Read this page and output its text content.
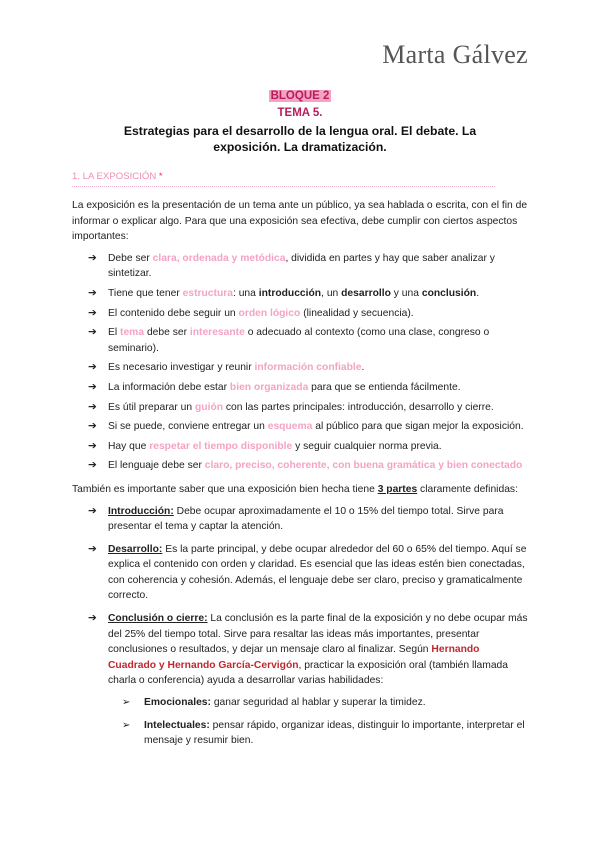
Marta Gálvez
BLOQUE 2
TEMA 5.
Estrategias para el desarrollo de la lengua oral. El debate. La exposición. La dramatización.
1. LA EXPOSICIÓN *

La exposición es la presentación de un tema ante un público, ya sea hablada o escrita, con el fin de informar o explicar algo. Para que una exposición sea efectiva, debe cumplir con ciertos aspectos importantes:

➔ Debe ser clara, ordenada y metódica, dividida en partes y hay que saber analizar y sintetizar.
➔ Tiene que tener estructura: una introducción, un desarrollo y una conclusión.
➔ El contenido debe seguir un orden lógico (linealidad y secuencia).
➔ El tema debe ser interesante o adecuado al contexto (como una clase, congreso o seminario).
➔ Es necesario investigar y reunir información confiable.
➔ La información debe estar bien organizada para que se entienda fácilmente.
➔ Es útil preparar un guión con las partes principales: introducción, desarrollo y cierre.
➔ Si se puede, conviene entregar un esquema al público para que sigan mejor la exposición.
➔ Hay que respetar el tiempo disponible y seguir cualquier norma previa.
➔ El lenguaje debe ser claro, preciso, coherente, con buena gramática y bien conectado

También es importante saber que una exposición bien hecha tiene 3 partes claramente definidas:

➔ Introducción: Debe ocupar aproximadamente el 10 o 15% del tiempo total. Sirve para presentar el tema y captar la atención.
➔ Desarrollo: Es la parte principal, y debe ocupar alrededor del 60 o 65% del tiempo. Aquí se explica el contenido con orden y claridad. Es esencial que las ideas estén bien conectadas, con coherencia y cohesión. Además, el lenguaje debe ser claro, preciso y gramaticalmente correcto.
➔ Conclusión o cierre: La conclusión es la parte final de la exposición y no debe ocupar más del 25% del tiempo total. Sirve para resaltar las ideas más importantes, presentar conclusiones o resultados, y dejar un mensaje claro al finalizar. Según Hernando Cuadrado y Hernando García-Cervigón, practicar la exposición oral (también llamada charla o conferencia) ayuda a desarrollar varias habilidades:
➢ Emocionales: ganar seguridad al hablar y superar la timidez.
➢ Intelectuales: pensar rápido, organizar ideas, distinguir lo importante, interpretar el mensaje y resumir bien.
